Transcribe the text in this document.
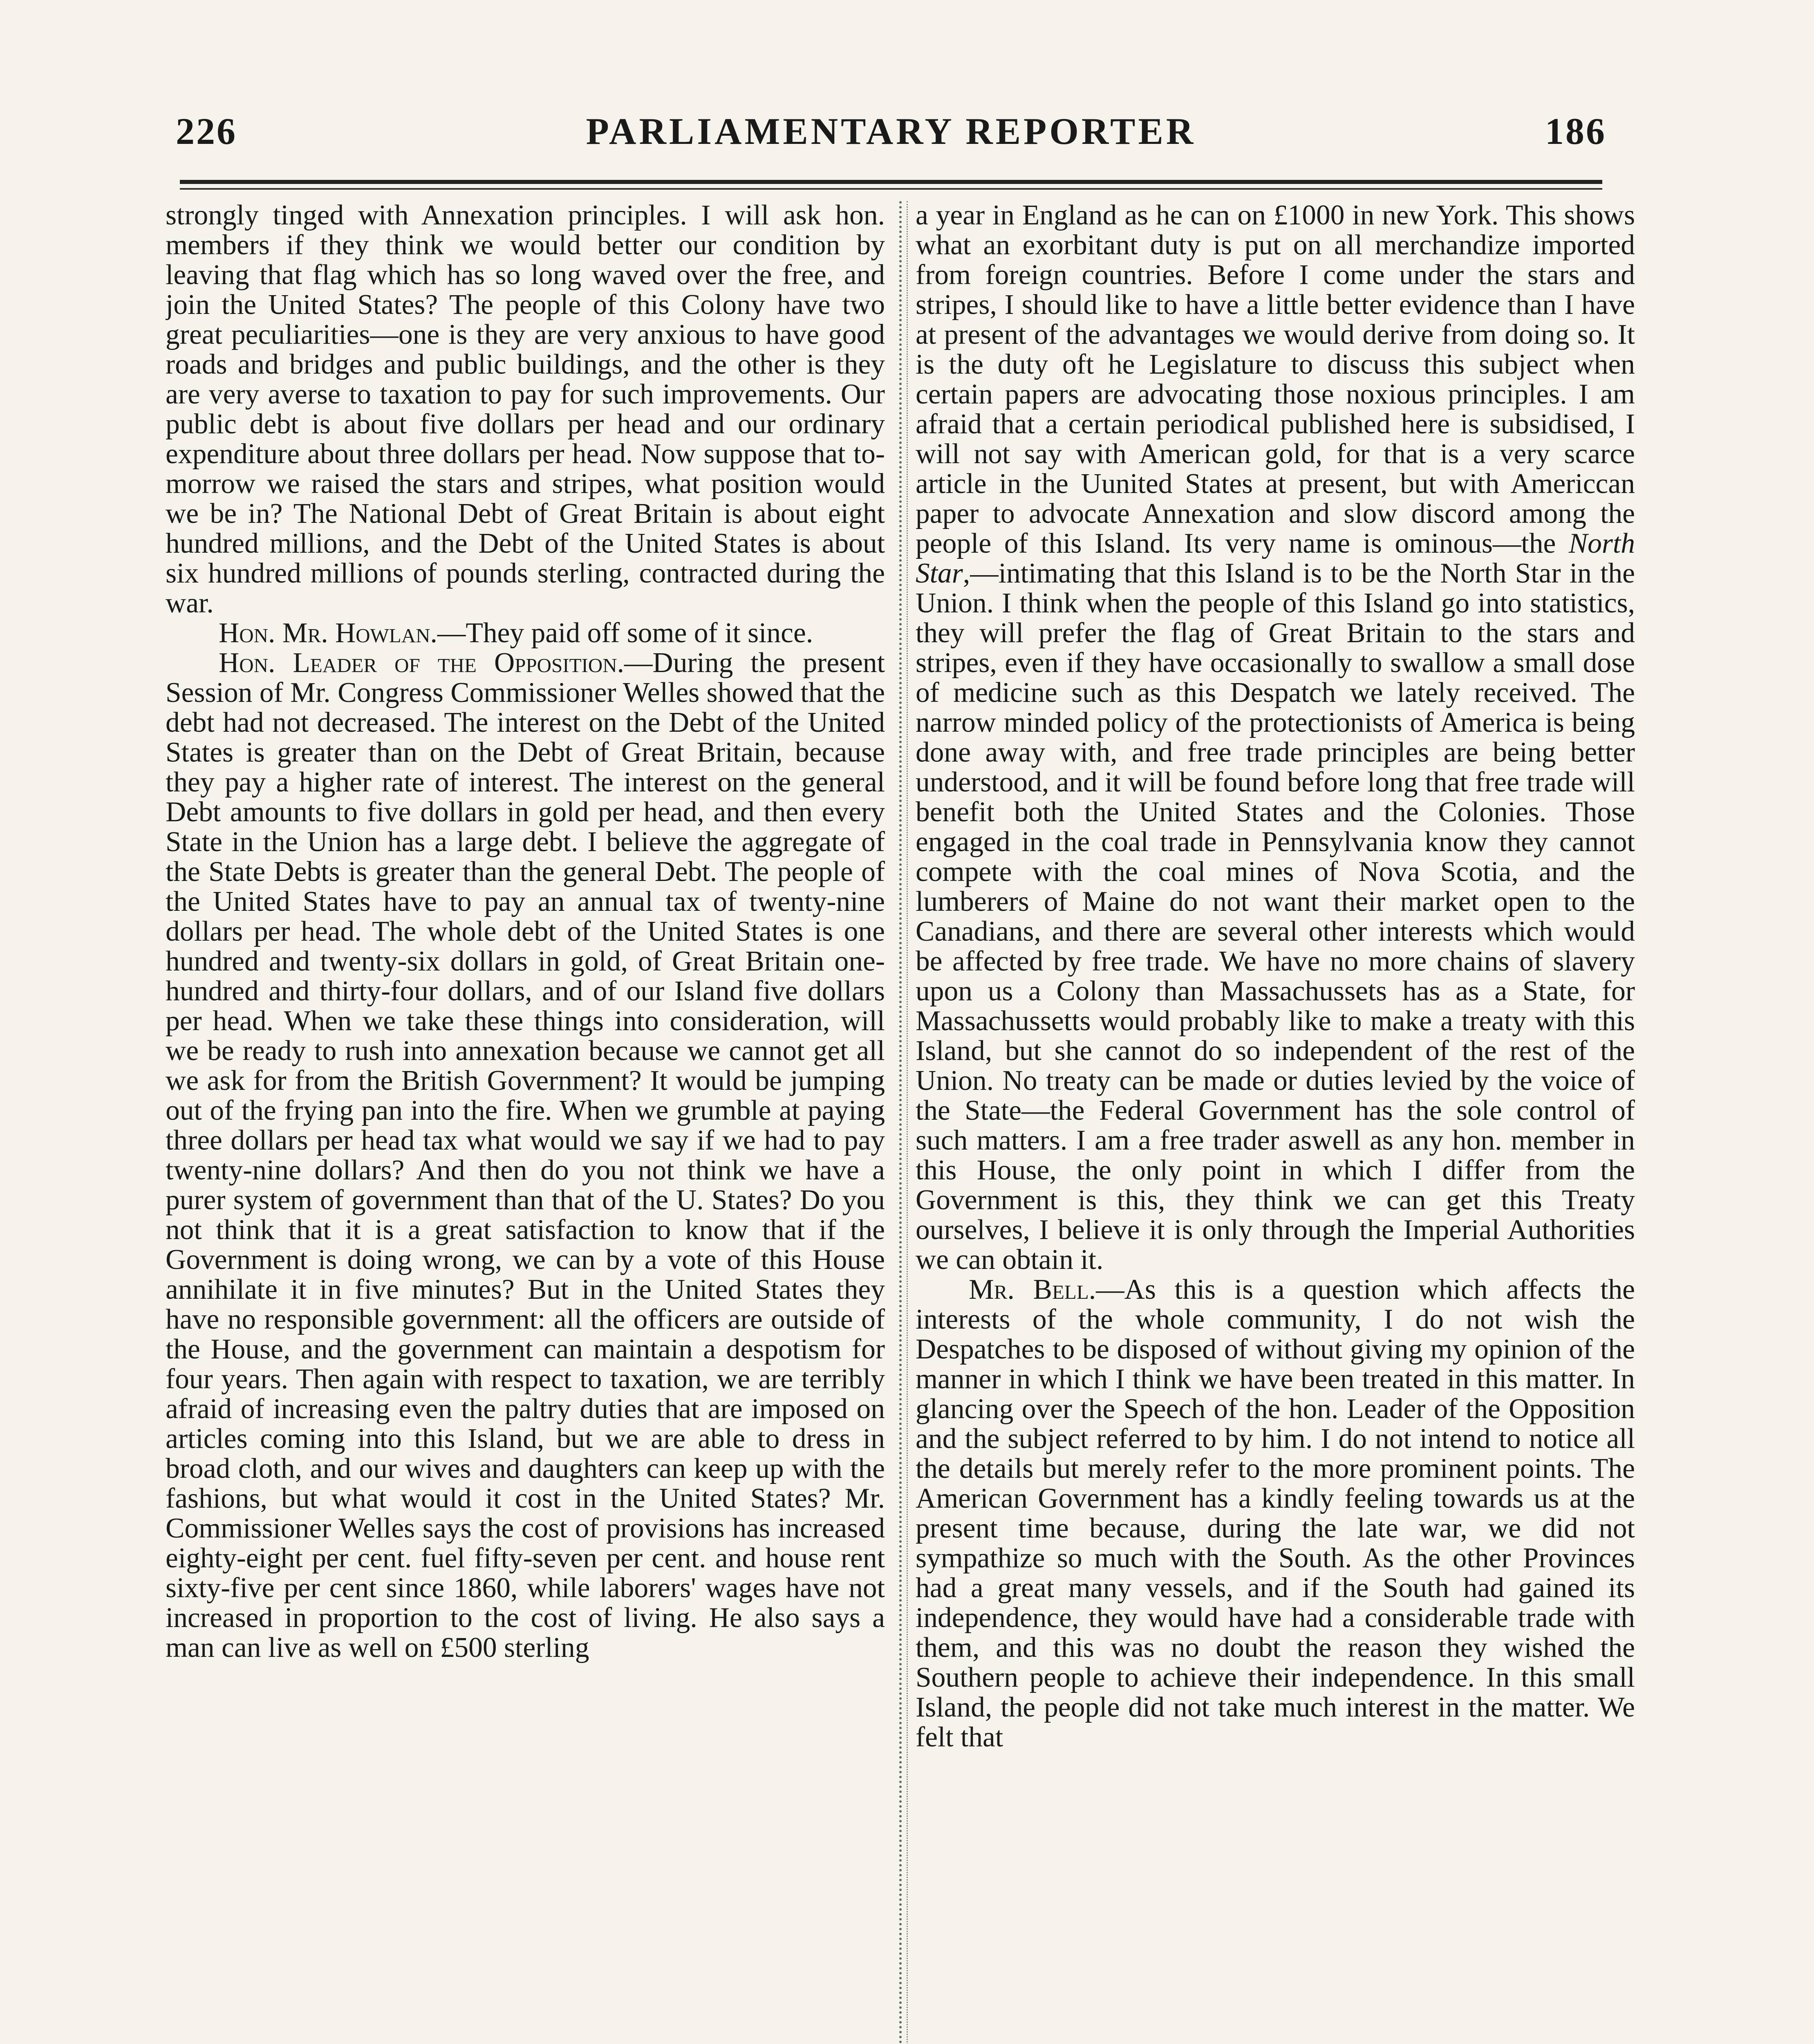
226	PARLIAMENTARY REPORTER	186

strongly tinged with Annexation principles. I will ask hon. members if they think we would better our condition by leaving that flag which has so long waved over the free, and join the United States? The people of this Colony have two great peculiarities—one is they are very anxious to have good roads and bridges and public buildings, and the other is they are very averse to taxation to pay for such improvements. Our public debt is about five dollars per head and our ordinary expenditure about three dollars per head. Now suppose that to-morrow we raised the stars and stripes, what position would we be in? The National Debt of Great Britain is about eight hundred millions, and the Debt of the United States is about six hundred millions of pounds sterling, contracted during the war.

Hon. Mr. Howlan.—They paid off some of it since.

Hon. Leader of the Opposition.—During the present Session of Mr. Congress Commissioner Welles showed that the debt had not decreased. The interest on the Debt of the United States is greater than on the Debt of Great Britain, because they pay a higher rate of interest. The interest on the general Debt amounts to five dollars in gold per head, and then every State in the Union has a large debt. I believe the aggregate of the State Debts is greater than the general Debt. The people of the United States have to pay an annual tax of twenty-nine dollars per head. The whole debt of the United States is one hundred and twenty-six dollars in gold, of Great Britain one-hundred and thirty-four dollars, and of our Island five dollars per head. When we take these things into consideration, will we be ready to rush into annexation because we cannot get all we ask for from the British Government? It would be jumping out of the frying pan into the fire. When we grumble at paying three dollars per head tax what would we say if we had to pay twenty-nine dollars? And then do you not think we have a purer system of government than that of the U. States? Do you not think that it is a great satisfaction to know that if the Government is doing wrong, we can by a vote of this House annihilate it in five minutes? But in the United States they have no responsible government: all the officers are outside of the House, and the government can maintain a despotism for four years. Then again with respect to taxation, we are terribly afraid of increasing even the paltry duties that are imposed on articles coming into this Island, but we are able to dress in broad cloth, and our wives and daughters can keep up with the fashions, but what would it cost in the United States? Mr. Commissioner Welles says the cost of provisions has increased eighty-eight per cent. fuel fifty-seven per cent. and house rent sixty-five per cent since 1860, while laborers' wages have not increased in proportion to the cost of living. He also says a man can live as well on £500 sterling

a year in England as he can on £1000 in new York. This shows what an exorbitant duty is put on all merchandize imported from foreign countries. Before I come under the stars and stripes, I should like to have a little better evidence than I have at present of the advantages we would derive from doing so. It is the duty oft he Legislature to discuss this subject when certain papers are advocating those noxious principles. I am afraid that a certain periodical published here is subsidised, I will not say with American gold, for that is a very scarce article in the Uunited States at present, but with Americcan paper to advocate Annexation and slow discord among the people of this Island. Its very name is ominous—the North Star,—intimating that this Island is to be the North Star in the Union. I think when the people of this Island go into statistics, they will prefer the flag of Great Britain to the stars and stripes, even if they have occasionally to swallow a small dose of medicine such as this Despatch we lately received. The narrow minded policy of the protectionists of America is being done away with, and free trade principles are being better understood, and it will be found before long that free trade will benefit both the United States and the Colonies. Those engaged in the coal trade in Pennsylvania know they cannot compete with the coal mines of Nova Scotia, and the lumberers of Maine do not want their market open to the Canadians, and there are several other interests which would be affected by free trade. We have no more chains of slavery upon us a Colony than Massachussets has as a State, for Massachussetts would probably like to make a treaty with this Island, but she cannot do so independent of the rest of the Union. No treaty can be made or duties levied by the voice of the State—the Federal Government has the sole control of such matters. I am a free trader aswell as any hon. member in this House, the only point in which I differ from the Government is this, they think we can get this Treaty ourselves, I believe it is only through the Imperial Authorities we can obtain it.

Mr. Bell.—As this is a question which affects the interests of the whole community, I do not wish the Despatches to be disposed of without giving my opinion of the manner in which I think we have been treated in this matter. In glancing over the Speech of the hon. Leader of the Opposition and the subject referred to by him. I do not intend to notice all the details but merely refer to the more prominent points. The American Government has a kindly feeling towards us at the present time because, during the late war, we did not sympathize so much with the South. As the other Provinces had a great many vessels, and if the South had gained its independence, they would have had a considerable trade with them, and this was no doubt the reason they wished the Southern people to achieve their independence. In this small Island, the people did not take much interest in the matter. We felt that
